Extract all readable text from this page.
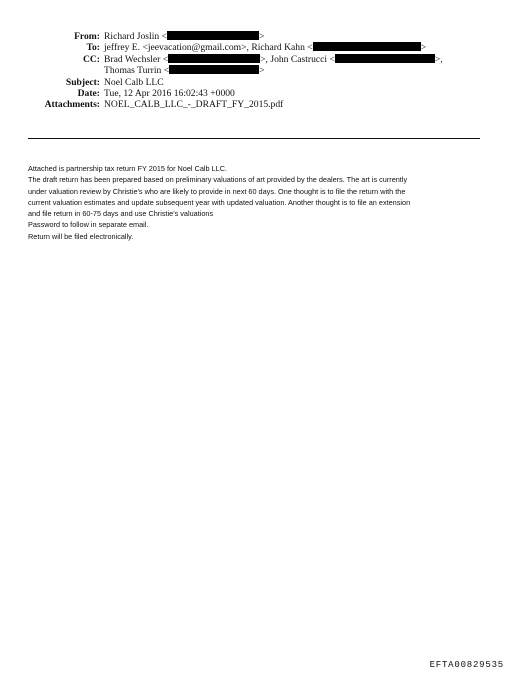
From: Richard Joslin <	>
To: jeffrey E. <jeevacation@gmail.com>, Richard Kahn <	>
CC: Brad Wechsler <	>, John Castrucci <	>,
Thomas Turrin <	>
Subject: Noel Calb LLC
Date: Tue, 12 Apr 2016 16:02:43 +0000
Attachments: NOEL_CALB_LLC_-_DRAFT_FY_2015.pdf
Attached is partnership tax return FY 2015 for Noel Calb LLC.
The draft return has been prepared based on preliminary valuations of art provided by the dealers. The art is currently
under valuation review by Christie's who are likely to provide in next 60 days. One thought is to file the return with the
current valuation estimates and update subsequent year with updated valuation. Another thought is to file an extension
and file return in 60-75 days and use Christie's valuations
Password to follow in separate email.
Return will be filed electronically.
EFTA00829535
